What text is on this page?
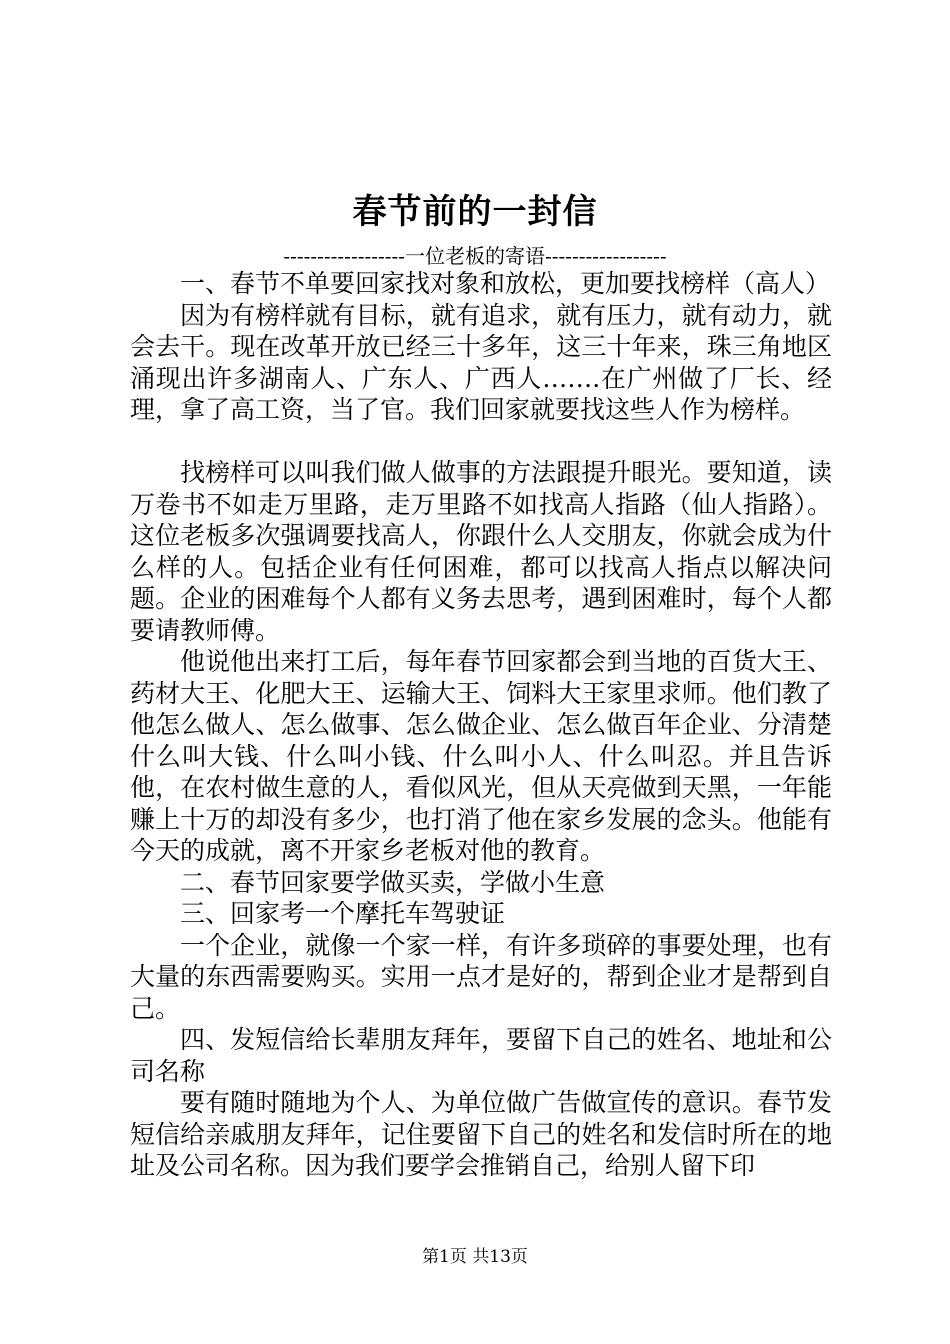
春节前的一封信
------------------一位老板的寄语------------------

一、春节不单要回家找对象和放松，更加要找榜样（高人）

因为有榜样就有目标，就有追求，就有压力，就有动力，就会去干。现在改革开放已经三十多年，这三十年来，珠三角地区涌现出许多湖南人、广东人、广西人…….在广州做了厂长、经理，拿了高工资，当了官。我们回家就要找这些人作为榜样。

找榜样可以叫我们做人做事的方法跟提升眼光。要知道，读万卷书不如走万里路，走万里路不如找高人指路（仙人指路）。这位老板多次强调要找高人，你跟什么人交朋友，你就会成为什么样的人。包括企业有任何困难，都可以找高人指点以解决问题。企业的困难每个人都有义务去思考，遇到困难时，每个人都要请教师傅。

他说他出来打工后，每年春节回家都会到当地的百货大王、药材大王、化肥大王、运输大王、饲料大王家里求师。他们教了他怎么做人、怎么做事、怎么做企业、怎么做百年企业、分清楚什么叫大钱、什么叫小钱、什么叫小人、什么叫忍。并且告诉他，在农村做生意的人，看似风光，但从天亮做到天黑，一年能赚上十万的却没有多少，也打消了他在家乡发展的念头。他能有今天的成就，离不开家乡老板对他的教育。

二、春节回家要学做买卖，学做小生意

三、回家考一个摩托车驾驶证

一个企业，就像一个家一样，有许多琐碎的事要处理，也有大量的东西需要购买。实用一点才是好的，帮到企业才是帮到自己。

四、发短信给长辈朋友拜年，要留下自己的姓名、地址和公司名称

要有随时随地为个人、为单位做广告做宣传的意识。春节发短信给亲戚朋友拜年，记住要留下自己的姓名和发信时所在的地址及公司名称。因为我们要学会推销自己，给别人留下印

第1页 共13页
